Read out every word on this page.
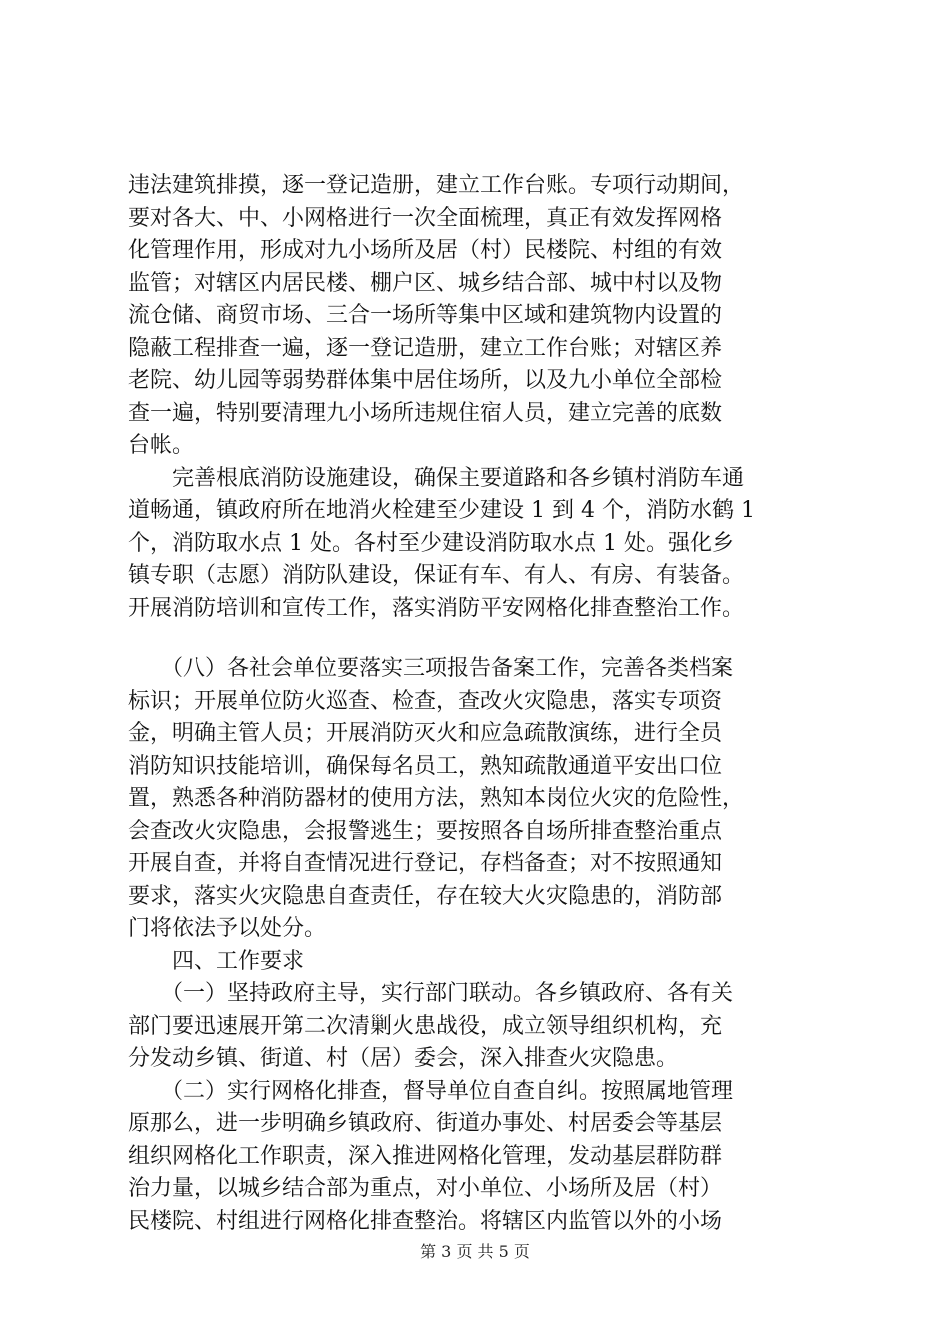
违法建筑排摸，逐一登记造册，建立工作台账。专项行动期间，
要对各大、中、小网格进行一次全面梳理，真正有效发挥网格
化管理作用，形成对九小场所及居（村）民楼院、村组的有效
监管；对辖区内居民楼、棚户区、城乡结合部、城中村以及物
流仓储、商贸市场、三合一场所等集中区域和建筑物内设置的
隐蔽工程排查一遍，逐一登记造册，建立工作台账；对辖区养
老院、幼儿园等弱势群体集中居住场所，以及九小单位全部检
查一遍，特别要清理九小场所违规住宿人员，建立完善的底数
台帐。
　　完善根底消防设施建设，确保主要道路和各乡镇村消防车通
道畅通，镇政府所在地消火栓建至少建设 1 到 4 个，消防水鹤 1
个，消防取水点 1 处。各村至少建设消防取水点 1 处。强化乡
镇专职（志愿）消防队建设，保证有车、有人、有房、有装备。
开展消防培训和宣传工作，落实消防平安网格化排查整治工作。
　　（八）各社会单位要落实三项报告备案工作，完善各类档案
标识；开展单位防火巡查、检查，查改火灾隐患，落实专项资
金，明确主管人员；开展消防灭火和应急疏散演练，进行全员
消防知识技能培训，确保每名员工，熟知疏散通道平安出口位
置，熟悉各种消防器材的使用方法，熟知本岗位火灾的危险性，
会查改火灾隐患，会报警逃生；要按照各自场所排查整治重点
开展自查，并将自查情况进行登记，存档备查；对不按照通知
要求，落实火灾隐患自查责任，存在较大火灾隐患的，消防部
门将依法予以处分。
　　四、工作要求
　　（一）坚持政府主导，实行部门联动。各乡镇政府、各有关
部门要迅速展开第二次清剿火患战役，成立领导组织机构，充
分发动乡镇、街道、村（居）委会，深入排查火灾隐患。
　　（二）实行网格化排查，督导单位自查自纠。按照属地管理
原那么，进一步明确乡镇政府、街道办事处、村居委会等基层
组织网格化工作职责，深入推进网格化管理，发动基层群防群
治力量，以城乡结合部为重点，对小单位、小场所及居（村）
民楼院、村组进行网格化排查整治。将辖区内监管以外的小场
第 3 页 共 5 页
